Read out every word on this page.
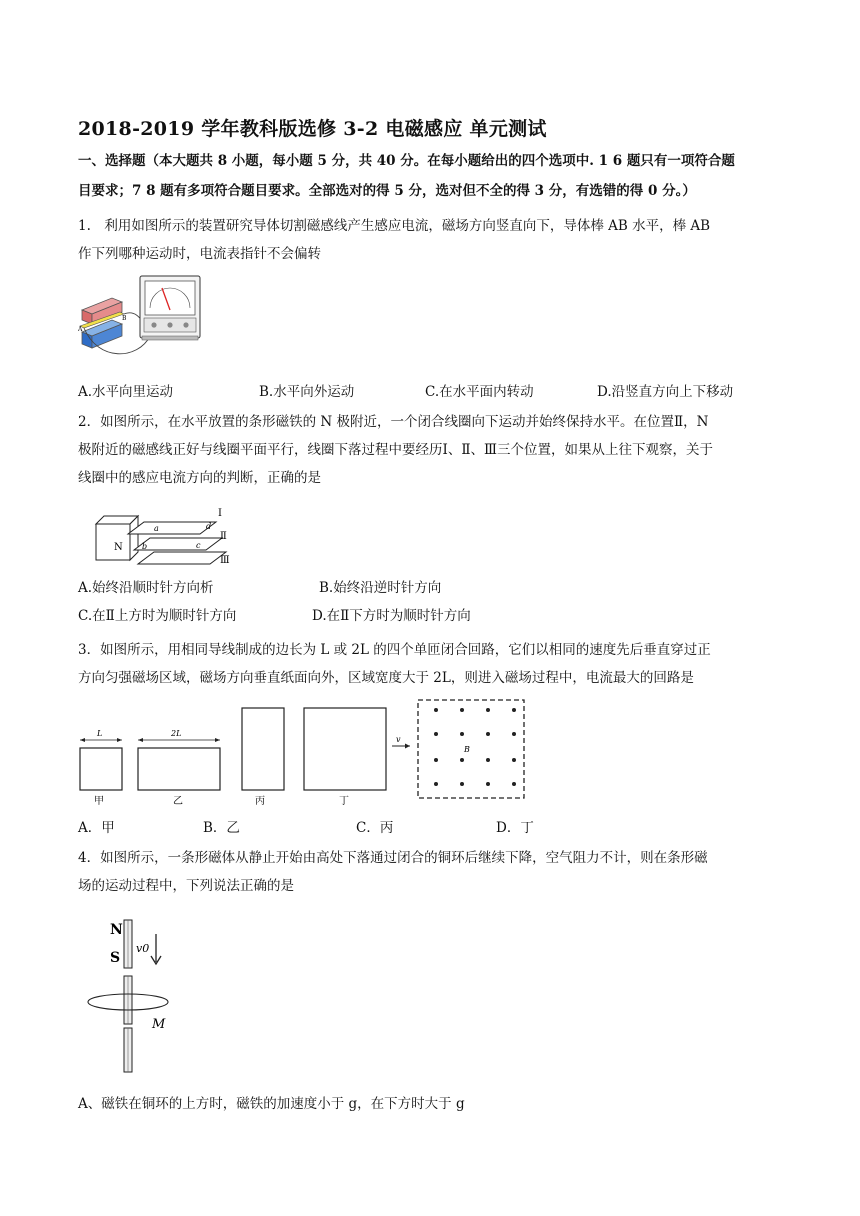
2018-2019 学年教科版选修 3-2 电磁感应 单元测试
一、选择题（本大题共 8 小题，每小题 5 分，共 40 分。在每小题给出的四个选项中. 1 6 题只有一项符合题
目要求；7 8 题有多项符合题目要求。全部选对的得 5 分，选对但不全的得 3 分，有选错的得 0 分。）
1.　利用如图所示的装置研究导体切割磁感线产生感应电流，磁场方向竖直向下，导体棒 AB 水平，棒 AB
作下列哪种运动时，电流表指针不会偏转
A
B
A.水平向里运动	B.水平向外运动	C.在水平面内转动	D.沿竖直方向上下移动
2．如图所示，在水平放置的条形磁铁的 N 极附近，一个闭合线圈向下运动并始终保持水平。在位置Ⅱ，N
极附近的磁感线正好与线圈平面平行，线圈下落过程中要经历Ⅰ、Ⅱ、Ⅲ三个位置，如果从上往下观察，关于
线圈中的感应电流方向的判断，正确的是
N
a	d
b	c
Ⅰ
Ⅱ
Ⅲ
A.始终沿顺时针方向析	B.始终沿逆时针方向
C.在Ⅱ上方时为顺时针方向	D.在Ⅱ下方时为顺时针方向
3．如图所示，用相同导线制成的边长为 L 或 2L 的四个单匝闭合回路，它们以相同的速度先后垂直穿过正
方向匀强磁场区域，磁场方向垂直纸面向外，区域宽度大于 2L，则进入磁场过程中，电流最大的回路是
L
甲
2L
乙	丙	丁
v
B
A．甲	B．乙	C．丙	D．丁
4．如图所示，一条形磁体从静止开始由高处下落通过闭合的铜环后继续下降，空气阻力不计，则在条形磁
场的运动过程中，下列说法正确的是
N
S
v0
M
A、磁铁在铜环的上方时，磁铁的加速度小于 g，在下方时大于 g
